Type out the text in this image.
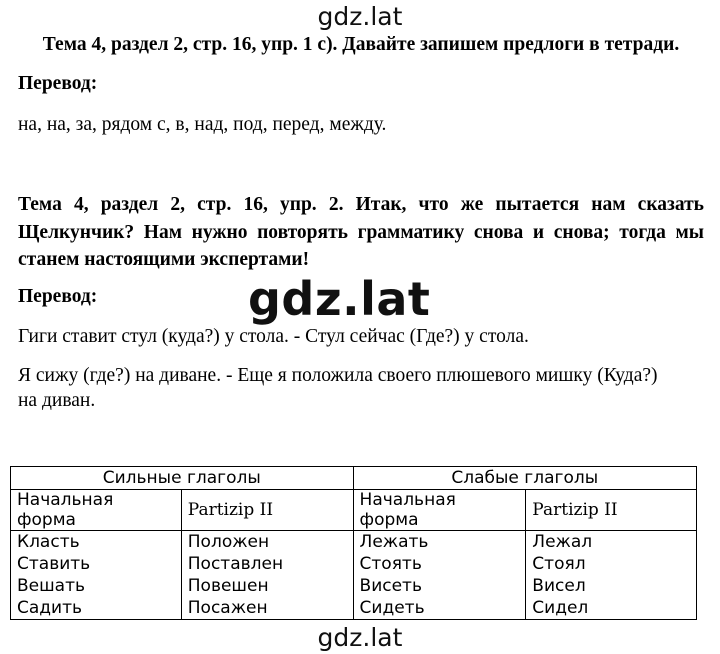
gdz.lat
Тема 4, раздел 2, стр. 16, упр. 1 с). Давайте запишем предлоги в тетради.
Перевод:
на, на, за, рядом с, в, над, под, перед, между.
Тема 4, раздел 2, стр. 16, упр. 2. Итак, что же пытается нам сказать Щелкунчик? Нам нужно повторять грамматику снова и снова; тогда мы станем настоящими экспертами!
Перевод:	gdz.lat
Гиги ставит стул (куда?) у стола. - Стул сейчас (Где?) у стола.
Я сижу (где?) на диване. - Еще я положила своего плюшевого мишку (Куда?)
на диван.
Сильные глаголы		Слабые глаголы	
Начальная форма	Partizip II	Начальная форма	Partizip II
Класть	Положен	Лежать	Лежал
Ставить	Поставлен	Стоять	Стоял
Вешать	Повешен	Висеть	Висел
Садить	Посажен	Сидеть	Сидел
gdz.lat
